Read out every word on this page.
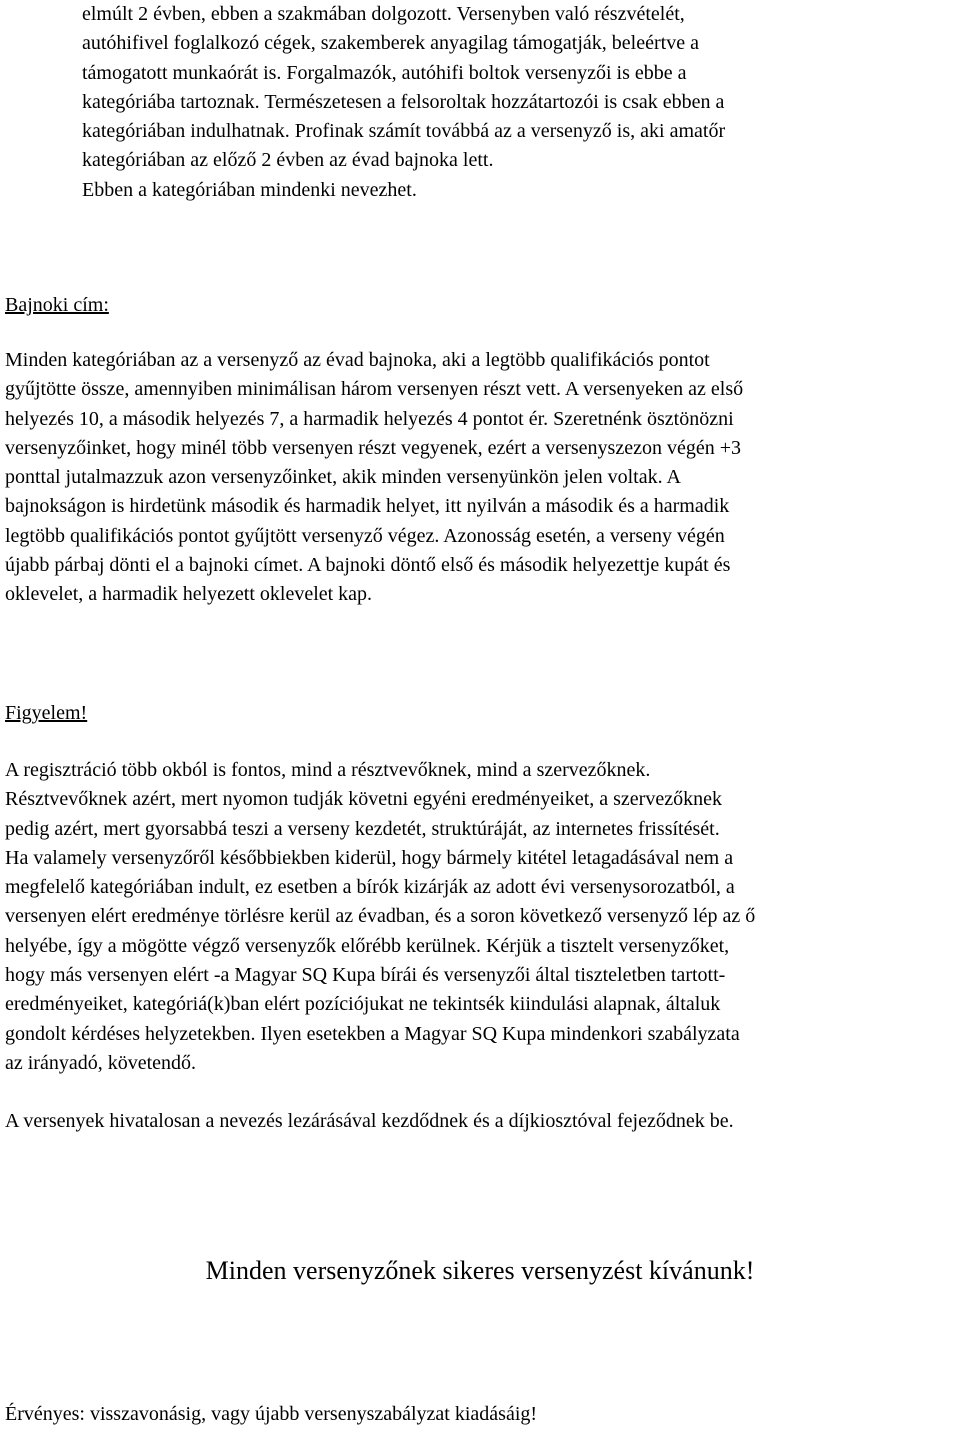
elmúlt 2 évben, ebben a szakmában dolgozott. Versenyben való részvételét,
autóhifivel foglalkozó cégek, szakemberek anyagilag támogatják, beleértve a
támogatott munkaórát is. Forgalmazók, autóhifi boltok versenyzői is ebbe a
kategóriába tartoznak. Természetesen a felsoroltak hozzátartozói is csak ebben a
kategóriában indulhatnak. Profinak számít továbbá az a versenyző is, aki amatőr
kategóriában az előző 2 évben az évad bajnoka lett.
Ebben a kategóriában mindenki nevezhet.
Bajnoki cím:
Minden kategóriában az a versenyző az évad bajnoka, aki a legtöbb qualifikációs pontot
gyűjtötte össze, amennyiben minimálisan három versenyen részt vett. A versenyeken az első
helyezés 10, a második helyezés 7, a harmadik helyezés 4 pontot ér. Szeretnénk ösztönözni
versenyzőinket, hogy minél több versenyen részt vegyenek, ezért a versenyszezon végén +3
ponttal jutalmazzuk azon versenyzőinket, akik minden versenyünkön jelen voltak. A
bajnokságon is hirdetünk második és harmadik helyet, itt nyilván a második és a harmadik
legtöbb qualifikációs pontot gyűjtött versenyző végez. Azonosság esetén, a verseny végén
újabb párbaj dönti el a bajnoki címet. A bajnoki döntő első és második helyezettje kupát és
oklevelet, a harmadik helyezett oklevelet kap.
Figyelem!
A regisztráció több okból is fontos, mind a résztvevőknek, mind a szervezőknek.
Résztvevőknek azért, mert nyomon tudják követni egyéni eredményeiket, a szervezőknek
pedig azért, mert gyorsabbá teszi a verseny kezdetét, struktúráját, az internetes frissítését.
Ha valamely versenyzőről későbbiekben kiderül, hogy bármely kitétel letagadásával nem a
megfelelő kategóriában indult, ez esetben a bírók kizárják az adott évi versenysorozatból, a
versenyen elért eredménye törlésre kerül az évadban, és a soron következő versenyző lép az ő
helyébe, így a mögötte végző versenyzők előrébb kerülnek. Kérjük a tisztelt versenyzőket,
hogy más versenyen elért -a Magyar SQ Kupa bírái és versenyzői által tiszteletben tartott-
eredményeiket, kategóriá(k)ban elért pozíciójukat ne tekintsék kiindulási alapnak, általuk
gondolt kérdéses helyzetekben. Ilyen esetekben a Magyar SQ Kupa mindenkori szabályzata
az irányadó, követendő.
A versenyek hivatalosan a nevezés lezárásával kezdődnek és a díjkiosztóval fejeződnek be.
Minden versenyzőnek sikeres versenyzést kívánunk!
Érvényes: visszavonásig, vagy újabb versenyszabályzat kiadásáig!
